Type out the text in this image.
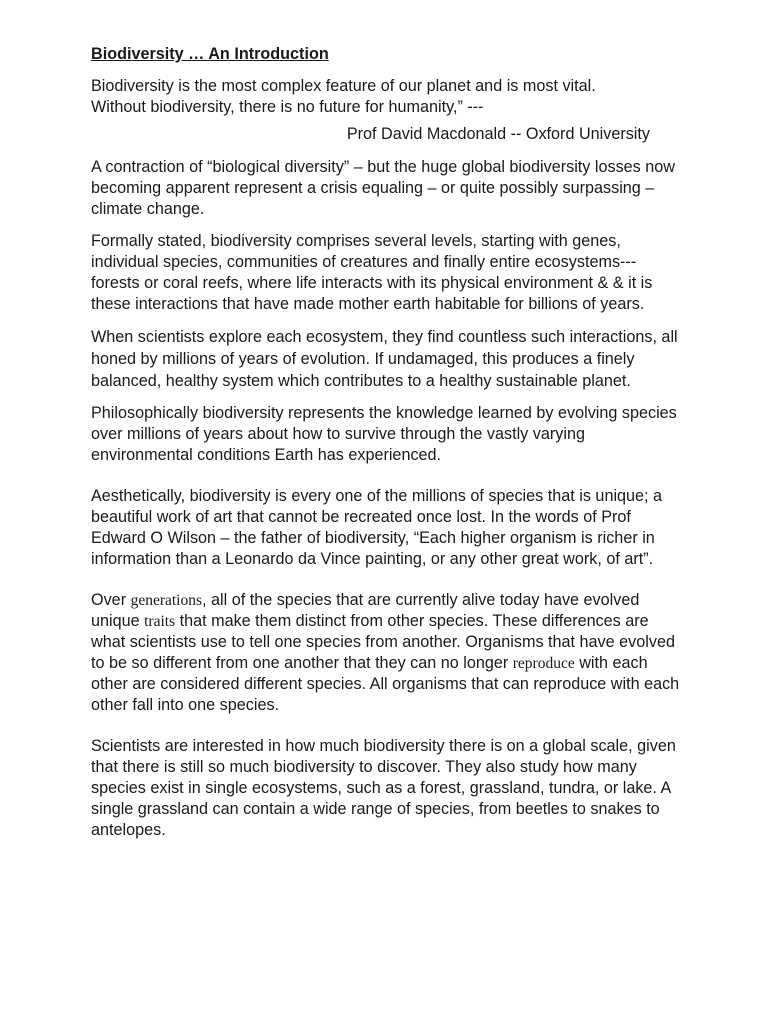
Biodiversity … An Introduction
Biodiversity is the most complex feature of our planet and is most vital.
Without biodiversity, there is no future for humanity,” ---
Prof David Macdonald -- Oxford University

A contraction of “biological diversity” – but the huge global biodiversity losses now becoming apparent represent a crisis equaling – or quite possibly surpassing – climate change.

Formally stated, biodiversity comprises several levels, starting with genes, individual species, communities of creatures and finally entire ecosystems---forests or coral reefs, where life interacts with its physical environment & & it is these interactions that have made mother earth habitable for billions of years.

When scientists explore each ecosystem, they find countless such interactions, all honed by millions of years of evolution. If undamaged, this produces a finely balanced, healthy system which contributes to a healthy sustainable planet.

Philosophically biodiversity represents the knowledge learned by evolving species over millions of years about how to survive through the vastly varying environmental conditions Earth has experienced.

Aesthetically, biodiversity is every one of the millions of species that is unique; a beautiful work of art that cannot be recreated once lost. In the words of Prof Edward O Wilson – the father of biodiversity, “Each higher organism is richer in information than a Leonardo da Vince painting, or any other great work, of art”.

Over generations, all of the species that are currently alive today have evolved unique traits that make them distinct from other species. These differences are what scientists use to tell one species from another. Organisms that have evolved to be so different from one another that they can no longer reproduce with each other are considered different species. All organisms that can reproduce with each other fall into one species.

Scientists are interested in how much biodiversity there is on a global scale, given that there is still so much biodiversity to discover. They also study how many species exist in single ecosystems, such as a forest, grassland, tundra, or lake. A single grassland can contain a wide range of species, from beetles to snakes to antelopes.
